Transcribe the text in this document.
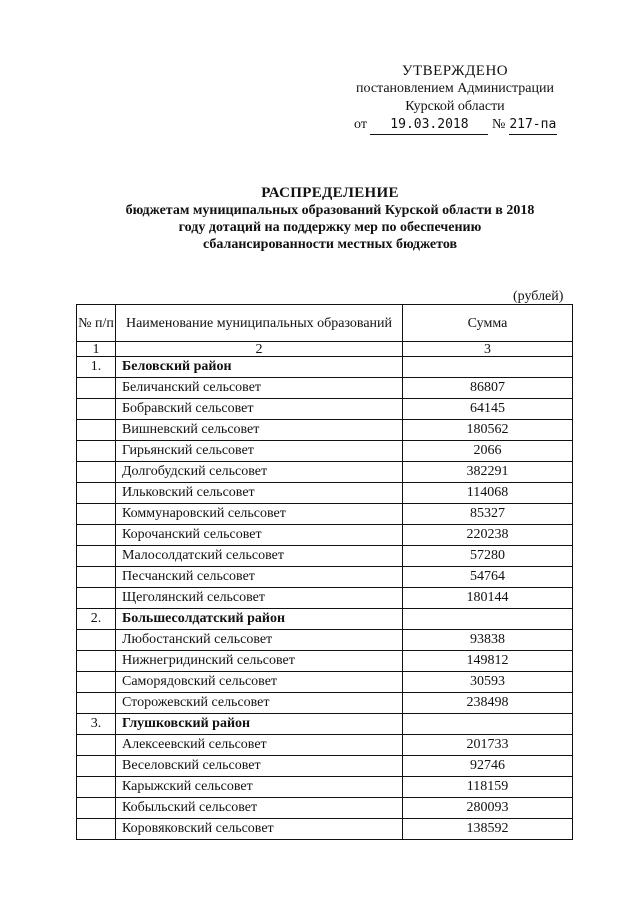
УТВЕРЖДЕНО
постановлением Администрации
Курской области
от 19.03.2018 № 217-па
РАСПРЕДЕЛЕНИЕ
бюджетам муниципальных образований Курской области в 2018
году дотаций на поддержку мер по обеспечению
сбалансированности местных бюджетов
(рублей)
№ п/п	Наименование муниципальных образований	Сумма
1	2	3
1.	Беловский район	
	Беличанский сельсовет	86807
	Бобравский сельсовет	64145
	Вишневский сельсовет	180562
	Гирьянский сельсовет	2066
	Долгобудский сельсовет	382291
	Ильковский сельсовет	114068
	Коммунаровский сельсовет	85327
	Корочанский сельсовет	220238
	Малосолдатский сельсовет	57280
	Песчанский сельсовет	54764
	Щеголянский сельсовет	180144
2.	Большесолдатский район	
	Любостанский сельсовет	93838
	Нижнегридинский сельсовет	149812
	Саморядовский сельсовет	30593
	Сторожевский сельсовет	238498
3.	Глушковский район	
	Алексеевский сельсовет	201733
	Веселовский сельсовет	92746
	Карыжский сельсовет	118159
	Кобыльский сельсовет	280093
	Коровяковский сельсовет	138592
